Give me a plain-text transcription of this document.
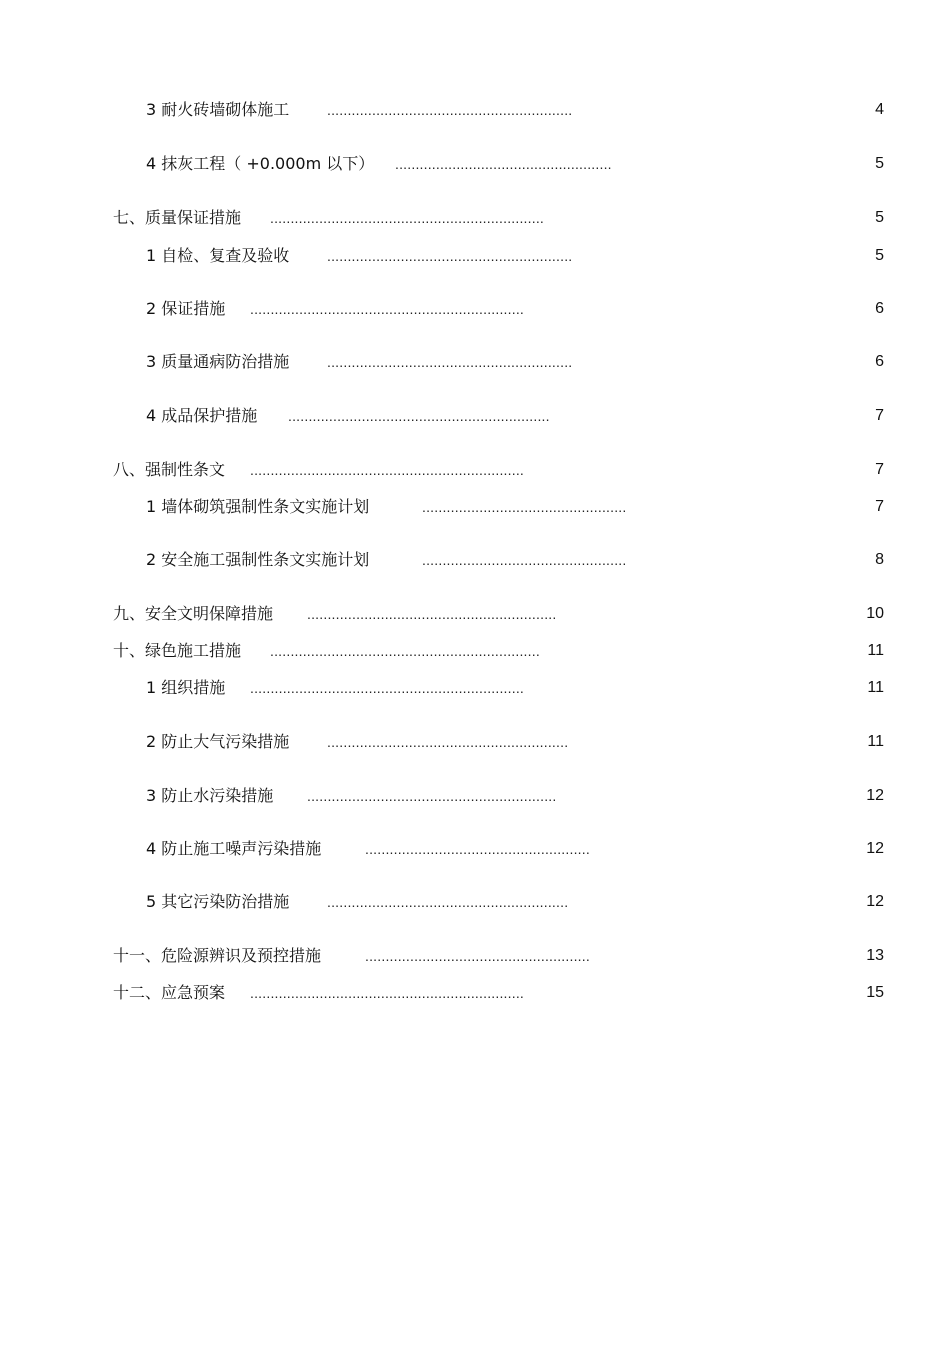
3 耐火砖墙砌体施工	............................................................	4
4 抹灰工程（ +0.000m 以下） .....................................................	5
七、质量保证措施 ...................................................................	5
1 自检、复查及验收	............................................................	5
2 保证措施 ...................................................................	6
3 质量通病防治措施	............................................................	6
4 成品保护措施 ................................................................	7
八、强制性条文 ...................................................................	7
1 墙体砌筑强制性条文实施计划	..................................................	7
2 安全施工强制性条文实施计划	..................................................	8
九、安全文明保障措施 .............................................................	10
十、绿色施工措施 ..................................................................	11
1 组织措施 ...................................................................	11
2 防止大气污染措施	...........................................................	11
3 防止水污染措施 .............................................................	12
4 防止施工噪声污染措施	.......................................................	12
5 其它污染防治措施	...........................................................	12
十一、危险源辨识及预控措施	.......................................................	13
十二、应急预案 ...................................................................	15
